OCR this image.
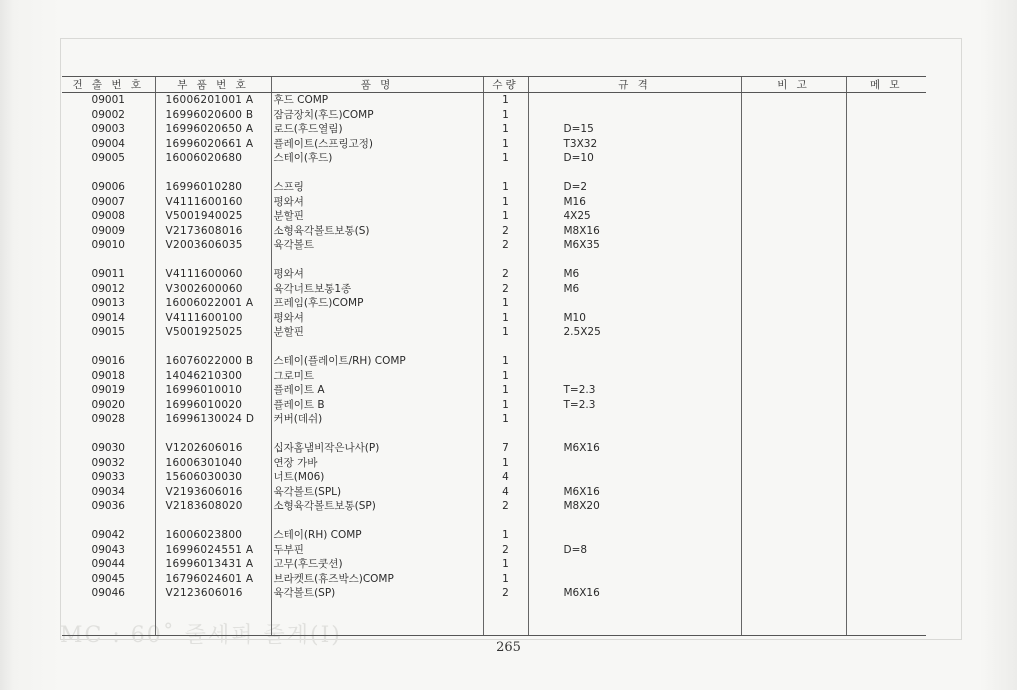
MC : 60˚ 줄세퍼 줄게(I)
건 출 번 호	부 품 번 호	품 명	수량	규 격	비 고	메 모
09001	16006201001 A	후드 COMP	1			
09002	16996020600 B	잠금장치(후드)COMP	1			
09003	16996020650 A	로드(후드열림)	1	D=15		
09004	16996020661 A	플레이트(스프링고정)	1	T3X32		
09005	16006020680	스테이(후드)	1	D=10		

09006	16996010280	스프링	1	D=2		
09007	V4111600160	평와셔	1	M16		
09008	V5001940025	분할핀	1	4X25		
09009	V2173608016	소형육각볼트보통(S)	2	M8X16		
09010	V2003606035	육각볼트	2	M6X35		

09011	V4111600060	평와셔	2	M6		
09012	V3002600060	육각너트보통1종	2	M6		
09013	16006022001 A	프레임(후드)COMP	1			
09014	V4111600100	평와셔	1	M10		
09015	V5001925025	분할핀	1	2.5X25		

09016	16076022000 B	스테이(플레이트/RH) COMP	1			
09018	14046210300	그로미트	1			
09019	16996010010	플레이트 A	1	T=2.3		
09020	16996010020	플레이트 B	1	T=2.3		
09028	16996130024 D	커버(데쉬)	1			

09030	V1202606016	십자홈냄비작은나사(P)	7	M6X16		
09032	16006301040	연장 가바	1			
09033	15606030030	너트(M06)	4			
09034	V2193606016	육각볼트(SPL)	4	M6X16		
09036	V2183608020	소형육각볼트보통(SP)	2	M8X20		

09042	16006023800	스테이(RH) COMP	1			
09043	16996024551 A	두부핀	2	D=8		
09044	16996013431 A	고무(후드쿳션)	1			
09045	16796024601 A	브라켓트(휴즈박스)COMP	1			
09046	V2123606016	육각볼트(SP)	2	M6X16		

265
